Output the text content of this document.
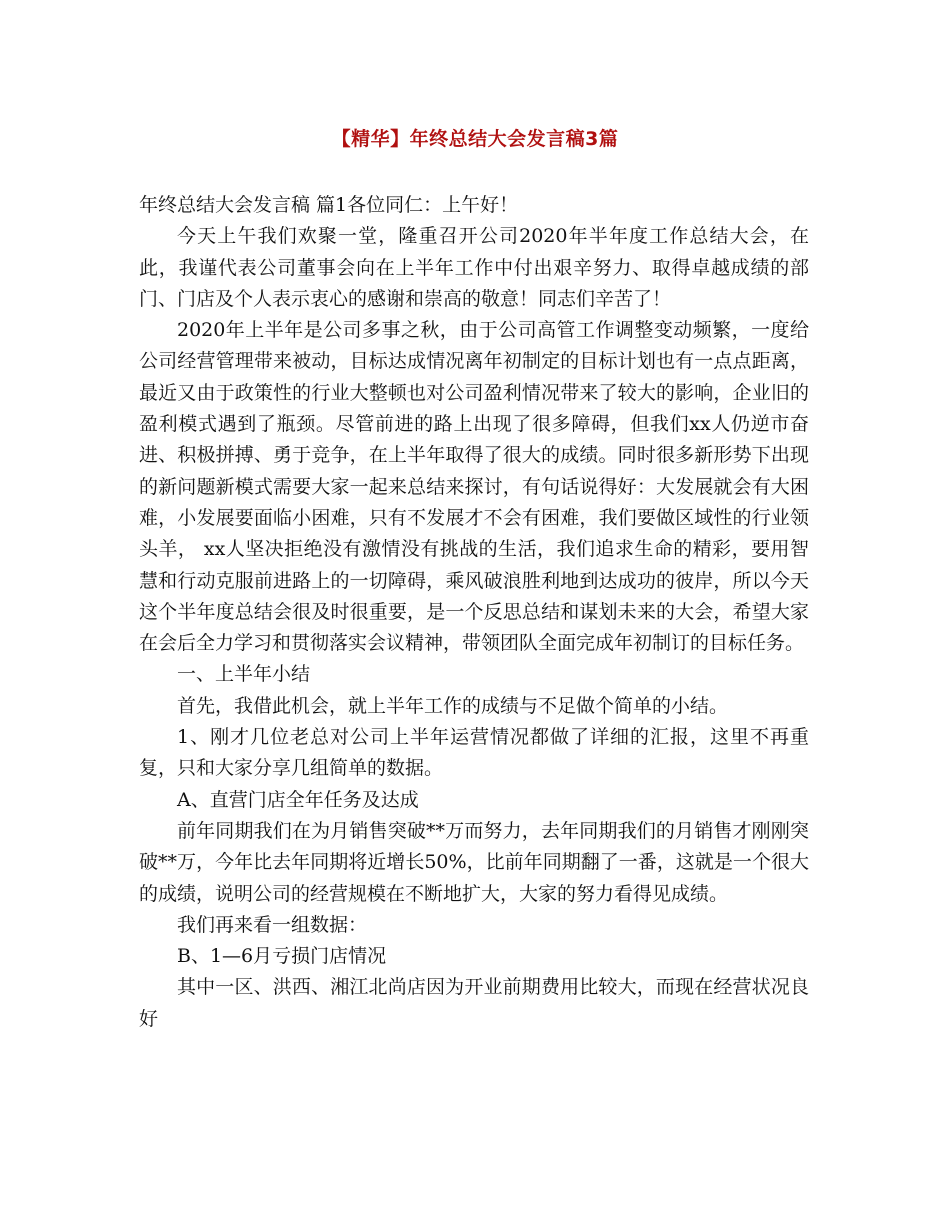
【精华】年终总结大会发言稿3篇

年终总结大会发言稿 篇1各位同仁：上午好！

今天上午我们欢聚一堂，隆重召开公司2020年半年度工作总结大会，在此，我谨代表公司董事会向在上半年工作中付出艰辛努力、取得卓越成绩的部门、门店及个人表示衷心的感谢和崇高的敬意！同志们辛苦了！

2020年上半年是公司多事之秋，由于公司高管工作调整变动频繁，一度给公司经营管理带来被动，目标达成情况离年初制定的目标计划也有一点点距离，最近又由于政策性的行业大整顿也对公司盈利情况带来了较大的影响，企业旧的盈利模式遇到了瓶颈。尽管前进的路上出现了很多障碍，但我们xx人仍逆市奋进、积极拼搏、勇于竞争，在上半年取得了很大的成绩。同时很多新形势下出现的新问题新模式需要大家一起来总结来探讨，有句话说得好：大发展就会有大困难，小发展要面临小困难，只有不发展才不会有困难，我们要做区域性的行业领头羊， xx人坚决拒绝没有激情没有挑战的生活，我们追求生命的精彩，要用智慧和行动克服前进路上的一切障碍，乘风破浪胜利地到达成功的彼岸，所以今天这个半年度总结会很及时很重要，是一个反思总结和谋划未来的大会，希望大家在会后全力学习和贯彻落实会议精神，带领团队全面完成年初制订的目标任务。

一、上半年小结

首先，我借此机会，就上半年工作的成绩与不足做个简单的小结。

1、刚才几位老总对公司上半年运营情况都做了详细的汇报，这里不再重复，只和大家分享几组简单的数据。

A、直营门店全年任务及达成

前年同期我们在为月销售突破**万而努力，去年同期我们的月销售才刚刚突破**万，今年比去年同期将近增长50%，比前年同期翻了一番，这就是一个很大的成绩，说明公司的经营规模在不断地扩大，大家的努力看得见成绩。

我们再来看一组数据：

B、1—6月亏损门店情况

其中一区、洪西、湘江北尚店因为开业前期费用比较大，而现在经营状况良好
